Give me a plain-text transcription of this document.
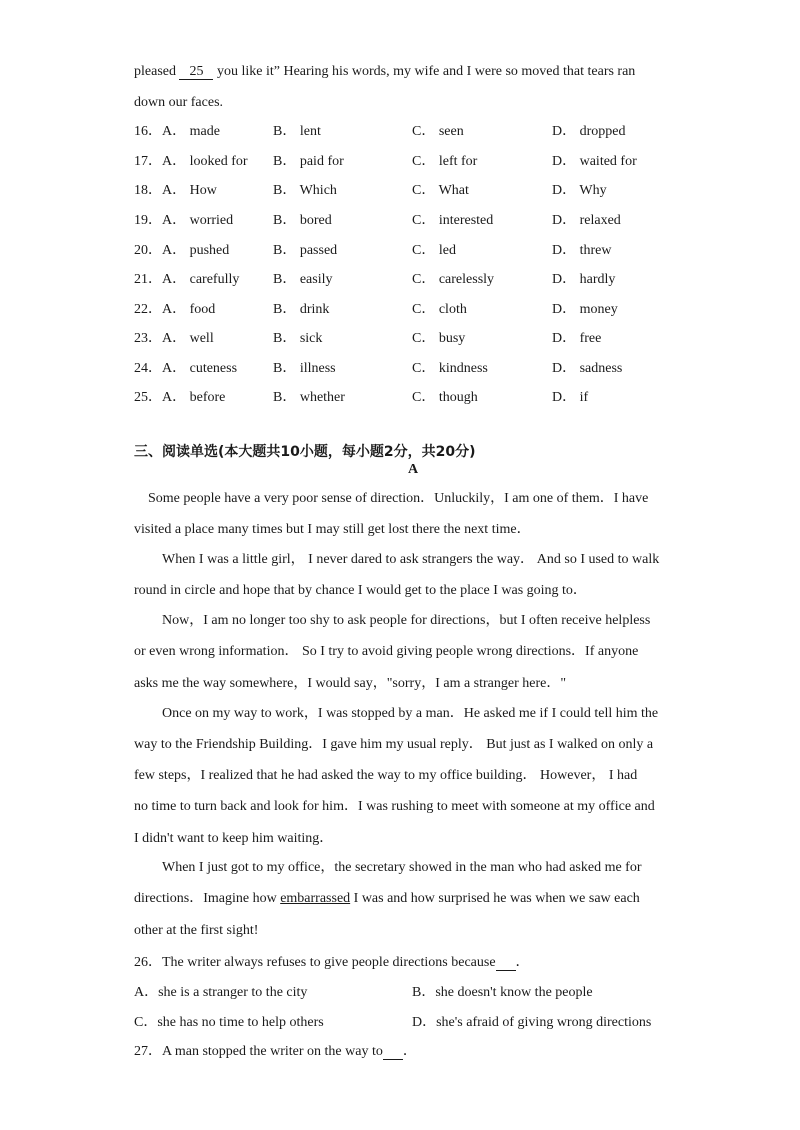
pleased 25 you like it” Hearing his words, my wife and I were so moved that tears ran
down our faces.
16． A． made	B． lent	C． seen	D． dropped
17． A． looked for B． paid for	C． left for	D． waited for
18． A． How	B． Which	C． What	D． Why
19． A． worried	B． bored	C． interested	D． relaxed
20． A． pushed	B． passed	C． led	D． threw
21． A． carefully B． easily	C． carelessly	D． hardly
22． A． food	B． drink	C． cloth	D． money
23． A． well	B． sick	C． busy	D． free
24． A． cuteness	B． illness	C． kindness	D． sadness
25． A． before	B． whether	C． though	D． if
三、阅读单选(本大题共10小题，每小题2分，共20分)
A
Some people have a very poor sense of direction．Unluckily，I am one of them．I have
visited a place many times but I may still get lost there the next time．
When I was a little girl， I never dared to ask strangers the way． And so I used to walk
round in circle and hope that by chance I would get to the place I was going to．
Now，I am no longer too shy to ask people for directions，but I often receive helpless
or even wrong information． So I try to avoid giving people wrong directions．If anyone
asks me the way somewhere，I would say，"sorry，I am a stranger here．"
Once on my way to work，I was stopped by a man．He asked me if I could tell him the
way to the Friendship Building．I gave him my usual reply． But just as I walked on only a
few steps，I realized that he had asked the way to my office building． However， I had
no time to turn back and look for him．I was rushing to meet with someone at my office and
I didn't want to keep him waiting．
When I just got to my office，the secretary showed in the man who had asked me for
directions．Imagine how embarrassed I was and how surprised he was when we saw each
other at the first sight!
26．The writer always refuses to give people directions because ．
A．she is a stranger to the city	B．she doesn't know the people
C．she has no time to help others	D．she's afraid of giving wrong directions
27．A man stopped the writer on the way to ．
